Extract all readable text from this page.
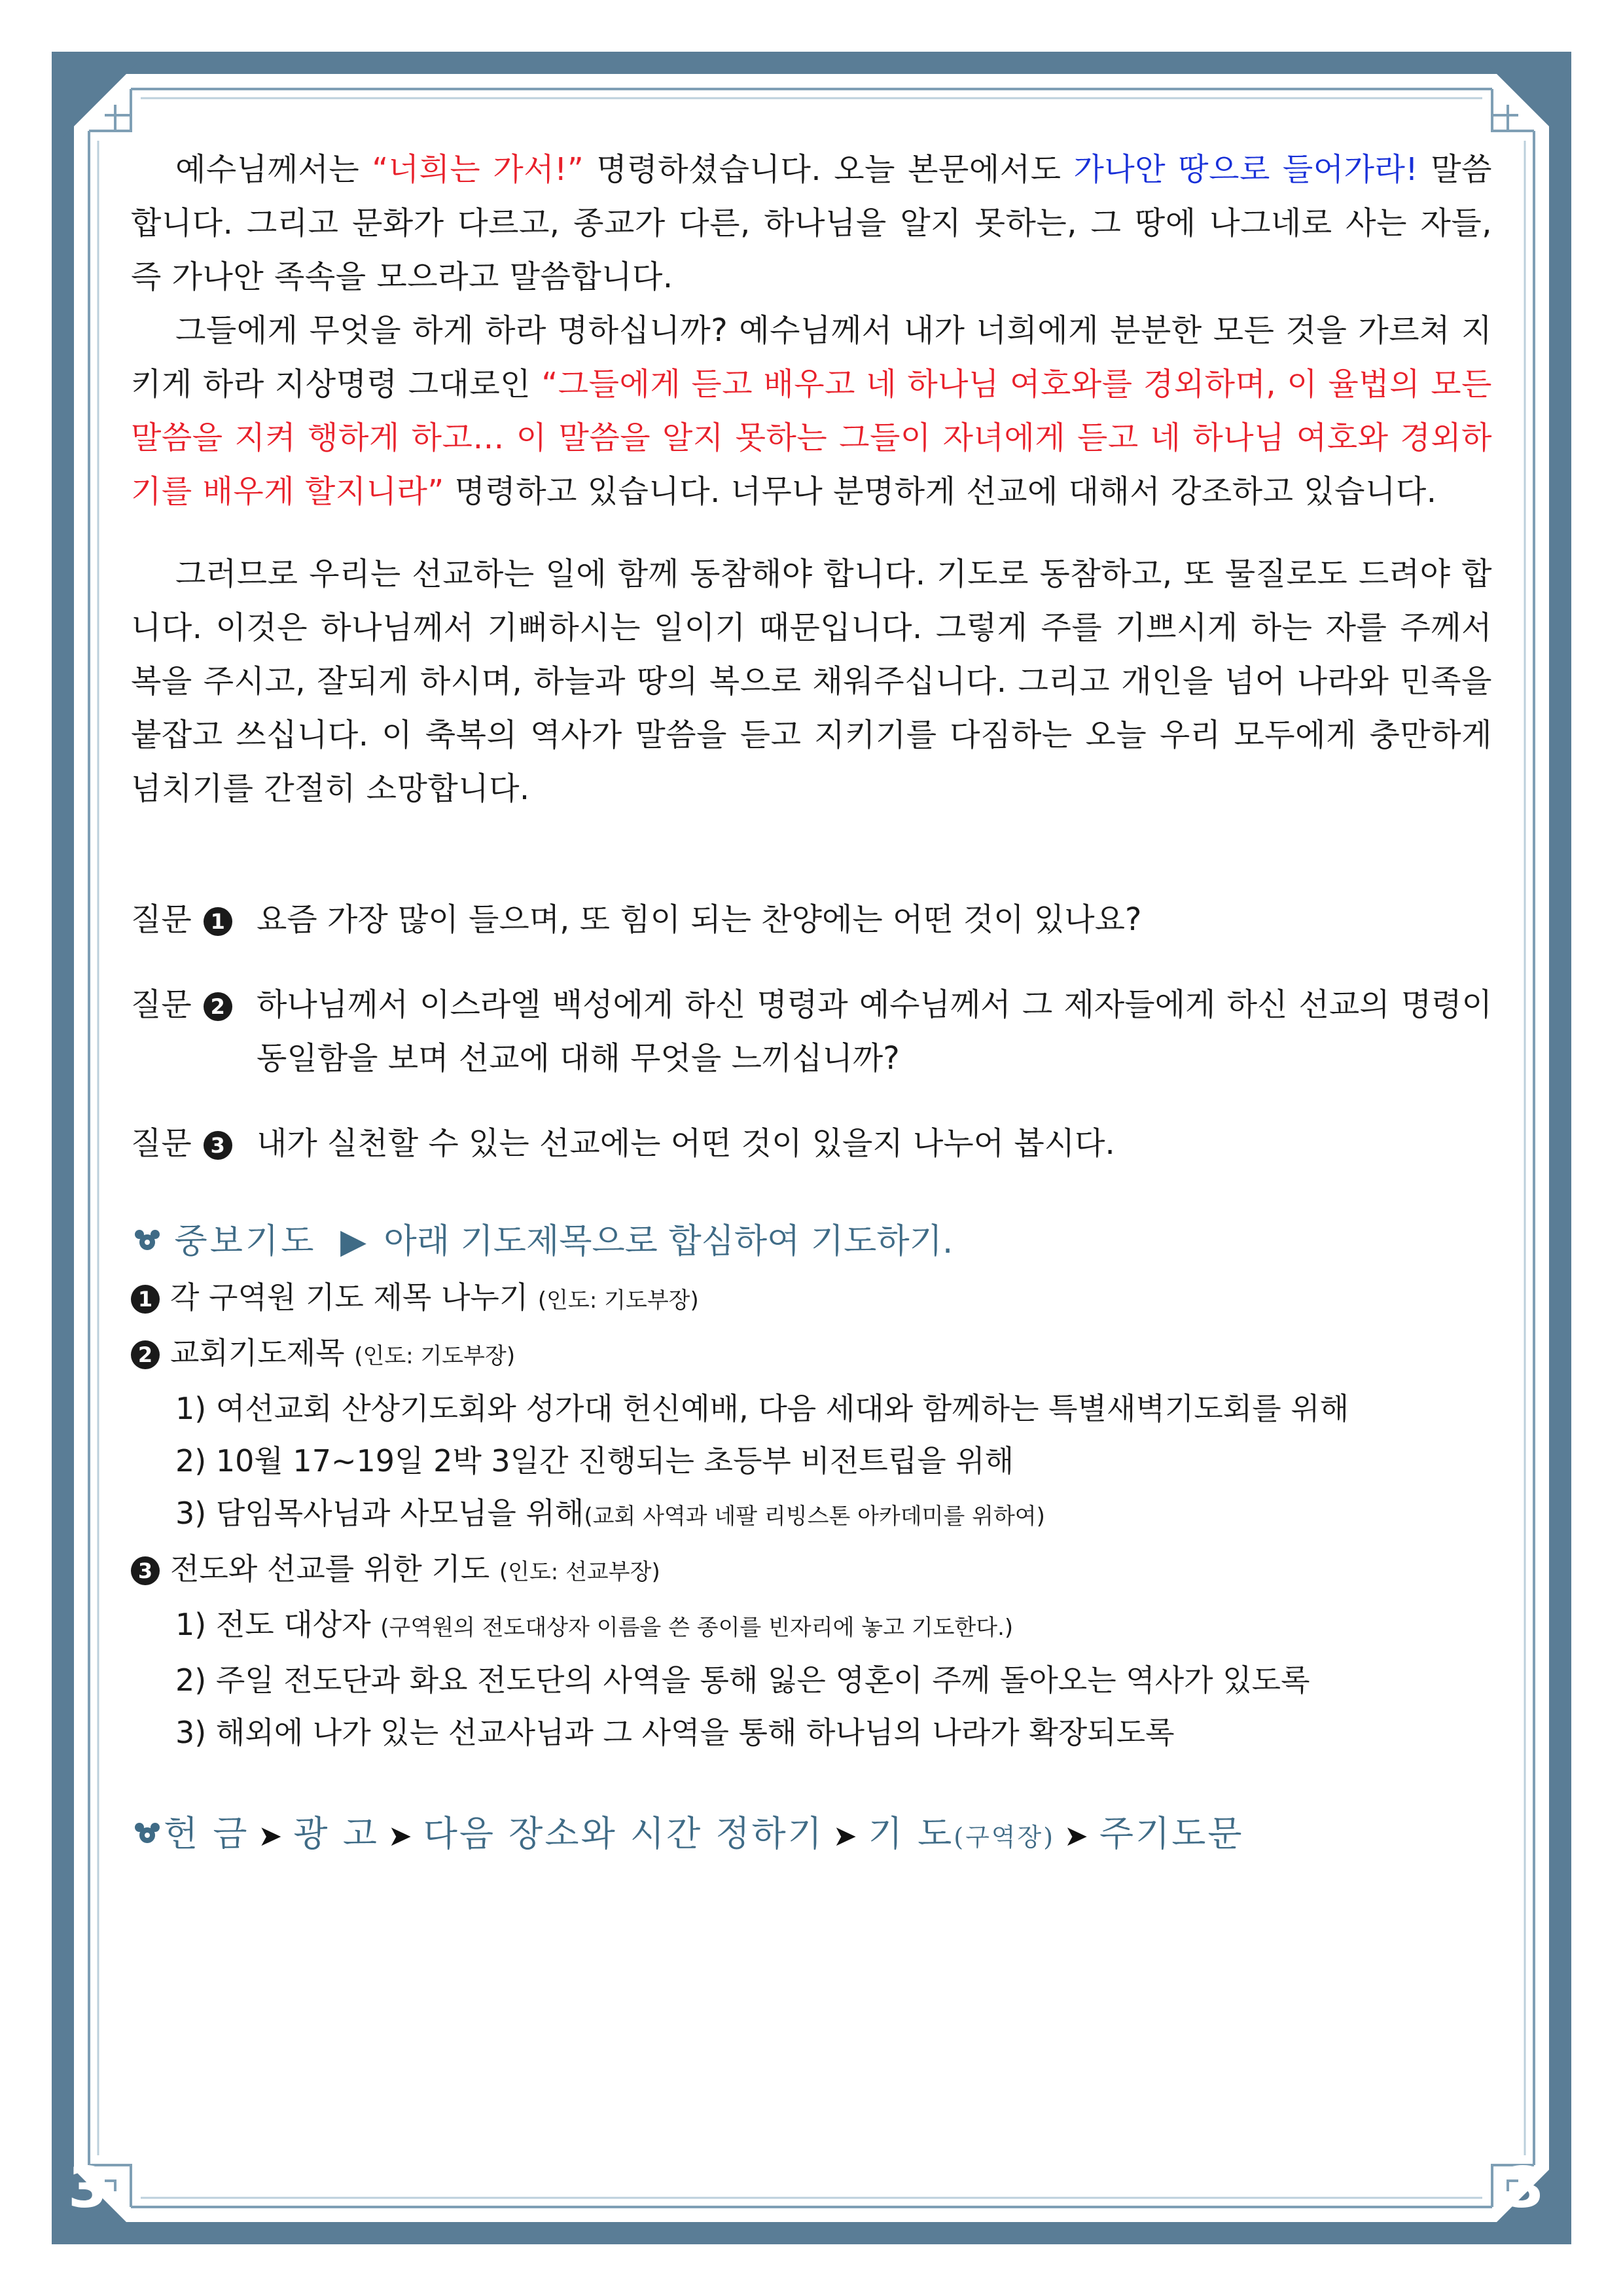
3	3

예수님께서는 “너희는 가서!” 명령하셨습니다. 오늘 본문에서도 가나안 땅으로 들어가라! 말씀합니다. 그리고 문화가 다르고, 종교가 다른, 하나님을 알지 못하는, 그 땅에 나그네로 사는 자들, 즉 가나안 족속을 모으라고 말씀합니다.

그들에게 무엇을 하게 하라 명하십니까? 예수님께서 내가 너희에게 분분한 모든 것을 가르쳐 지키게 하라 지상명령 그대로인 “그들에게 듣고 배우고 네 하나님 여호와를 경외하며, 이 율법의 모든 말씀을 지켜 행하게 하고… 이 말씀을 알지 못하는 그들이 자녀에게 듣고 네 하나님 여호와 경외하기를 배우게 할지니라” 명령하고 있습니다. 너무나 분명하게 선교에 대해서 강조하고 있습니다.

그러므로 우리는 선교하는 일에 함께 동참해야 합니다. 기도로 동참하고, 또 물질로도 드려야 합니다. 이것은 하나님께서 기뻐하시는 일이기 때문입니다. 그렇게 주를 기쁘시게 하는 자를 주께서 복을 주시고, 잘되게 하시며, 하늘과 땅의 복으로 채워주십니다. 그리고 개인을 넘어 나라와 민족을 붙잡고 쓰십니다. 이 축복의 역사가 말씀을 듣고 지키기를 다짐하는 오늘 우리 모두에게 충만하게 넘치기를 간절히 소망합니다.

질문 1 요즘 가장 많이 들으며, 또 힘이 되는 찬양에는 어떤 것이 있나요?

질문 2 하나님께서 이스라엘 백성에게 하신 명령과 예수님께서 그 제자들에게 하신 선교의 명령이 동일함을 보며 선교에 대해 무엇을 느끼십니까?

질문 3 내가 실천할 수 있는 선교에는 어떤 것이 있을지 나누어 봅시다.

중보기도 ▶ 아래 기도제목으로 합심하여 기도하기.

1 각 구역원 기도 제목 나누기 (인도: 기도부장)

2 교회기도제목 (인도: 기도부장)

1) 여선교회 산상기도회와 성가대 헌신예배, 다음 세대와 함께하는 특별새벽기도회를 위해

2) 10월 17~19일 2박 3일간 진행되는 초등부 비전트립을 위해

3) 담임목사님과 사모님을 위해(교회 사역과 네팔 리빙스톤 아카데미를 위하여)

3 전도와 선교를 위한 기도 (인도: 선교부장)

1) 전도 대상자 (구역원의 전도대상자 이름을 쓴 종이를 빈자리에 놓고 기도한다.)

2) 주일 전도단과 화요 전도단의 사역을 통해 잃은 영혼이 주께 돌아오는 역사가 있도록

3) 해외에 나가 있는 선교사님과 그 사역을 통해 하나님의 나라가 확장되도록

헌 금 ➤ 광 고 ➤ 다음 장소와 시간 정하기 ➤ 기 도(구역장) ➤ 주기도문
